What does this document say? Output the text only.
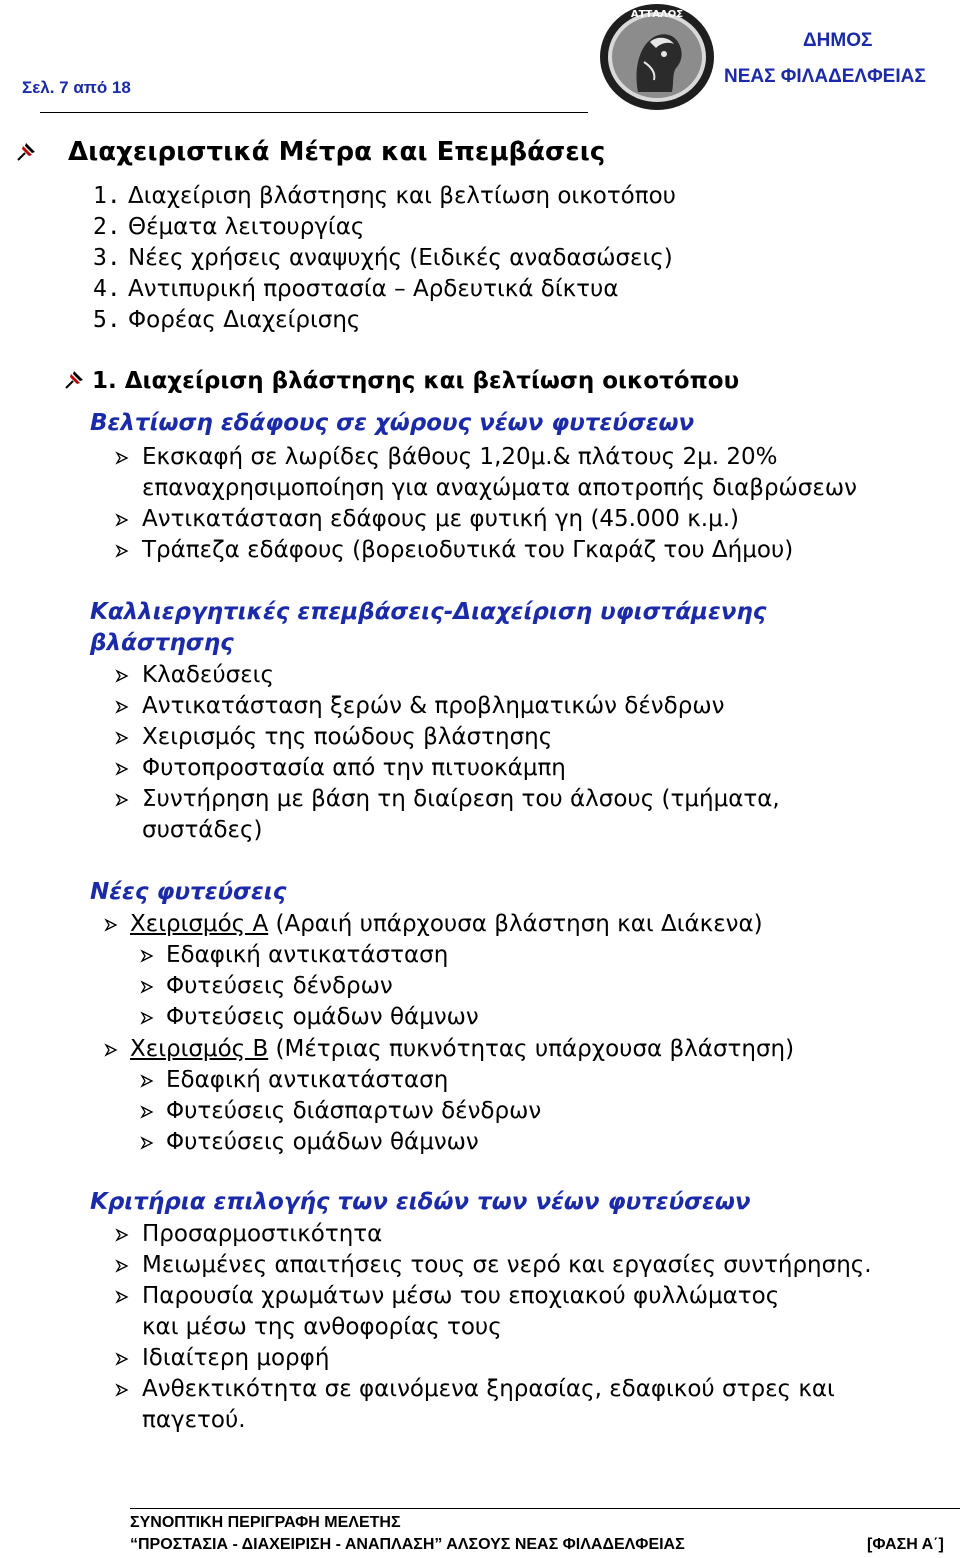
Σελ. 7 από 18
ΑΤΤΑΛΟΣ
ΔΗΜΟΣ
ΝΕΑΣ ΦΙΛΑΔΕΛΦΕΙΑΣ
Διαχειριστικά Μέτρα και Επεμβάσεις
1. Διαχείριση βλάστησης και βελτίωση οικοτόπου
2. Θέματα λειτουργίας
3. Νέες χρήσεις αναψυχής (Ειδικές αναδασώσεις)
4. Αντιπυρική προστασία – Αρδευτικά δίκτυα
5. Φορέας Διαχείρισης
1. Διαχείριση βλάστησης και βελτίωση οικοτόπου
Βελτίωση εδάφους σε χώρους νέων φυτεύσεων
Εκσκαφή σε λωρίδες βάθους 1,20μ.& πλάτους 2μ. 20%
επαναχρησιμοποίηση για αναχώματα αποτροπής διαβρώσεων
Αντικατάσταση εδάφους με φυτική γη (45.000 κ.μ.)
Τράπεζα εδάφους (βορειοδυτικά του Γκαράζ του Δήμου)
Καλλιεργητικές επεμβάσεις-Διαχείριση υφιστάμενης
βλάστησης
Κλαδεύσεις
Αντικατάσταση ξερών & προβληματικών δένδρων
Χειρισμός της ποώδους βλάστησης
Φυτοπροστασία από την πιτυοκάμπη
Συντήρηση με βάση τη διαίρεση του άλσους (τμήματα,
συστάδες)
Νέες φυτεύσεις
Χειρισμός Α (Αραιή υπάρχουσα βλάστηση και Διάκενα)
Εδαφική αντικατάσταση
Φυτεύσεις δένδρων
Φυτεύσεις ομάδων θάμνων
Χειρισμός Β (Μέτριας πυκνότητας υπάρχουσα βλάστηση)
Εδαφική αντικατάσταση
Φυτεύσεις διάσπαρτων δένδρων
Φυτεύσεις ομάδων θάμνων
Κριτήρια επιλογής των ειδών των νέων φυτεύσεων
Προσαρμοστικότητα
Μειωμένες απαιτήσεις τους σε νερό και εργασίες συντήρησης.
Παρουσία χρωμάτων μέσω του εποχιακού φυλλώματος
και μέσω της ανθοφορίας τους
Ιδιαίτερη μορφή
Ανθεκτικότητα σε φαινόμενα ξηρασίας, εδαφικού στρες και
παγετού.
ΣΥΝΟΠΤΙΚΗ ΠΕΡΙΓΡΑΦΗ ΜΕΛΕΤΗΣ
“ΠΡΟΣΤΑΣΙΑ - ΔΙΑΧΕΙΡΙΣΗ - ΑΝΑΠΛΑΣΗ” ΑΛΣΟΥΣ ΝΕΑΣ ΦΙΛΑΔΕΛΦΕΙΑΣ	[ΦΑΣΗ Α΄]
